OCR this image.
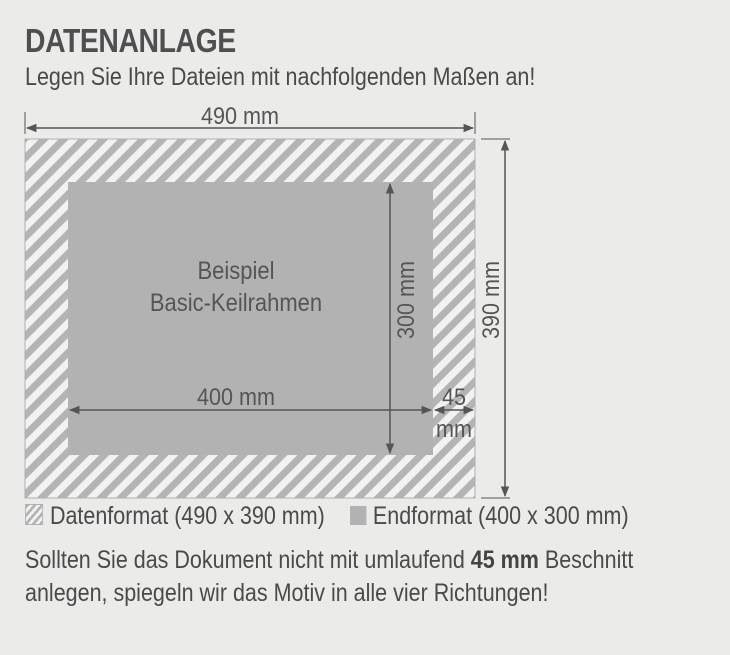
DATENANLAGE
Legen Sie Ihre Dateien mit nachfolgenden Maßen an!
490 mm
390 mm
300 mm
400 mm	45
mm
Beispiel
Basic-Keilrahmen
Datenformat (490 x 390 mm) Endformat (400 x 300 mm)
Sollten Sie das Dokument nicht mit umlaufend 45 mm Beschnitt
anlegen, spiegeln wir das Motiv in alle vier Richtungen!
